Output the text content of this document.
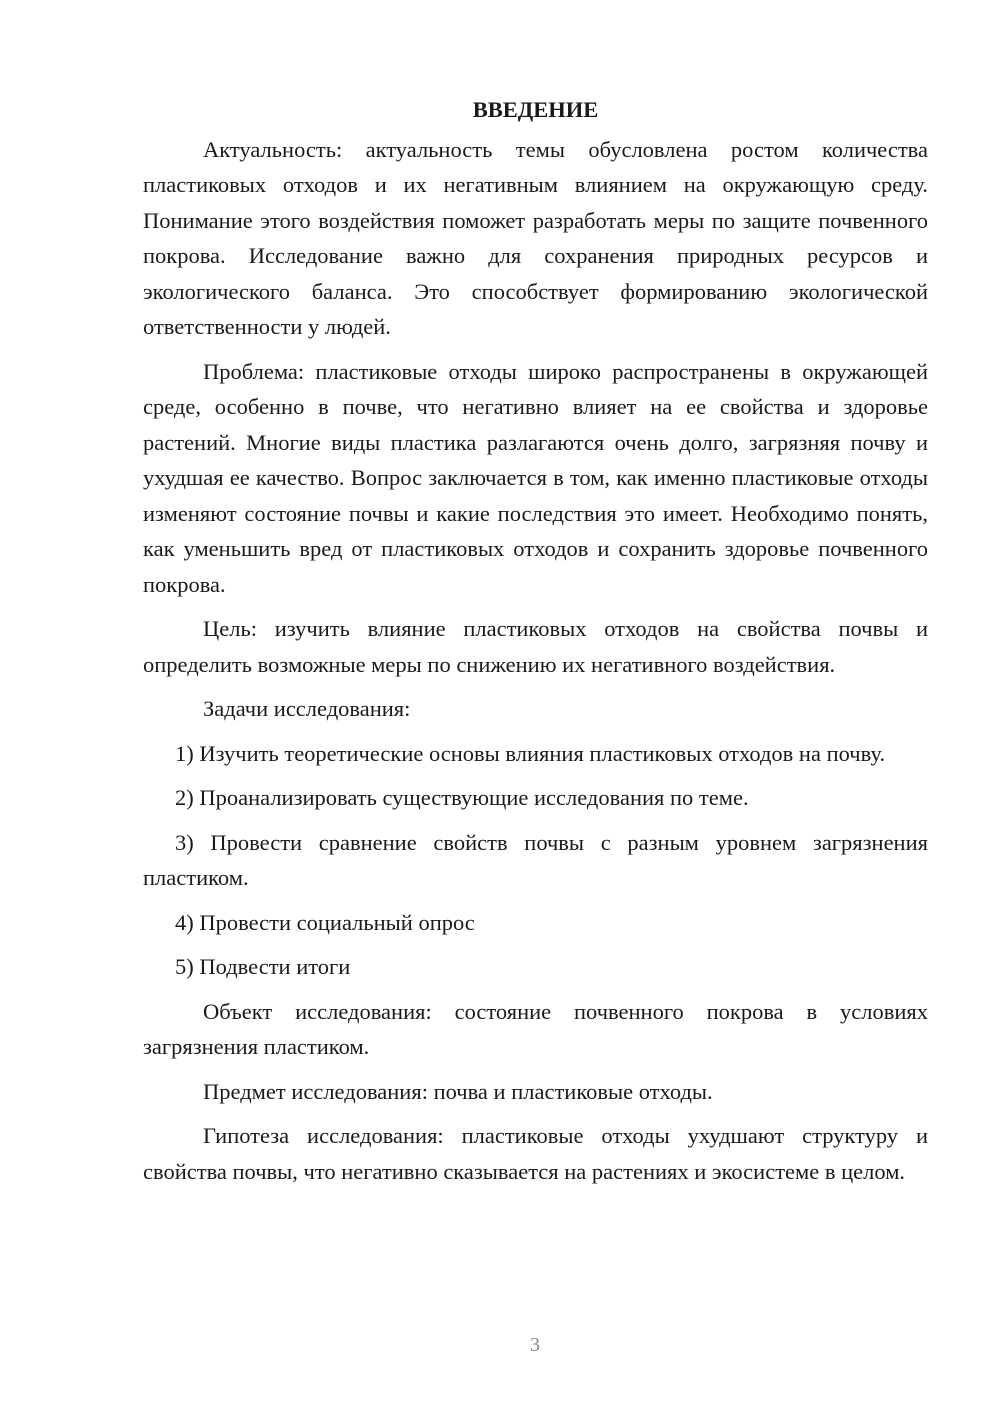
ВВЕДЕНИЕ

Актуальность: актуальность темы обусловлена ростом количества пластиковых отходов и их негативным влиянием на окружающую среду. Понимание этого воздействия поможет разработать меры по защите почвенного покрова. Исследование важно для сохранения природных ресурсов и экологического баланса. Это способствует формированию экологической ответственности у людей.

Проблема: пластиковые отходы широко распространены в окружающей среде, особенно в почве, что негативно влияет на ее свойства и здоровье растений. Многие виды пластика разлагаются очень долго, загрязняя почву и ухудшая ее качество. Вопрос заключается в том, как именно пластиковые отходы изменяют состояние почвы и какие последствия это имеет. Необходимо понять, как уменьшить вред от пластиковых отходов и сохранить здоровье почвенного покрова.

Цель: изучить влияние пластиковых отходов на свойства почвы и определить возможные меры по снижению их негативного воздействия.

Задачи исследования:

1) Изучить теоретические основы влияния пластиковых отходов на почву.

2) Проанализировать существующие исследования по теме.

3) Провести сравнение свойств почвы с разным уровнем загрязнения пластиком.

4) Провести социальный опрос

5) Подвести итоги

Объект исследования: состояние почвенного покрова в условиях загрязнения пластиком.

Предмет исследования: почва и пластиковые отходы.

Гипотеза исследования: пластиковые отходы ухудшают структуру и свойства почвы, что негативно сказывается на растениях и экосистеме в целом.

3
